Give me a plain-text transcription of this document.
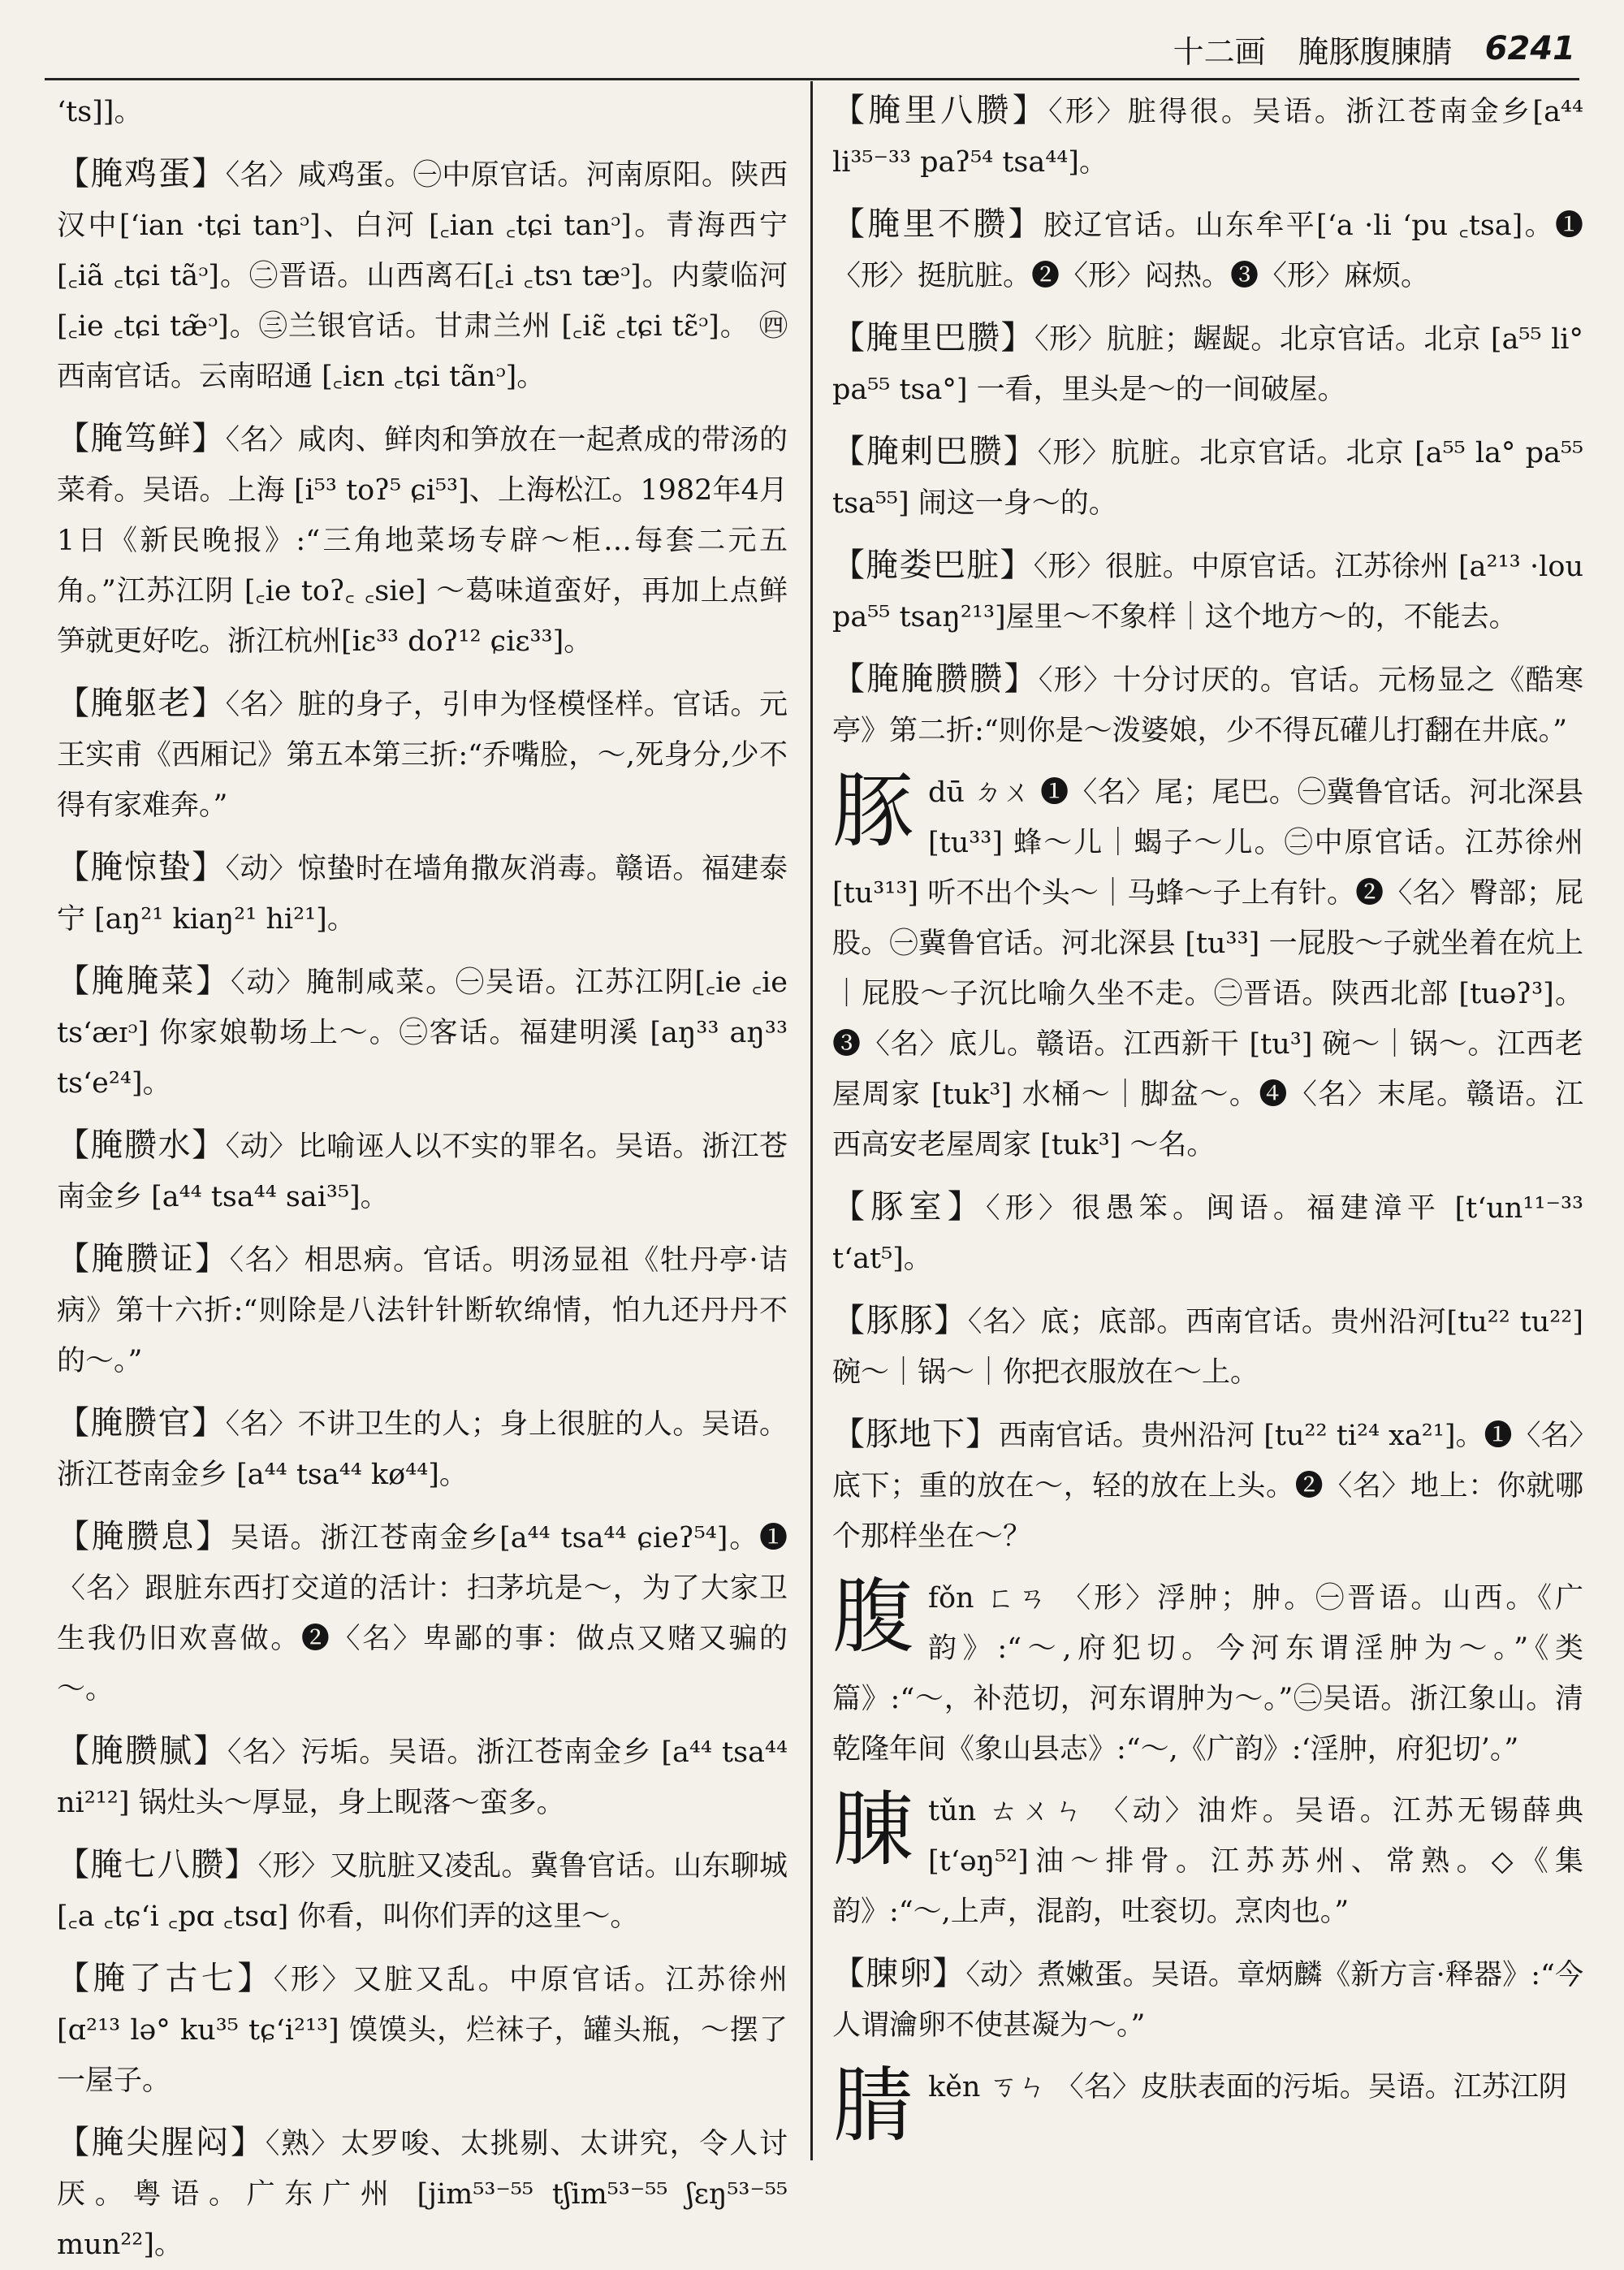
十二画 腌豚腹腖腈 6241
ʻts]]。
【腌鸡蛋】〈名〉咸鸡蛋。㊀中原官话。河南原阳。陕西汉中[ʻian ·tɕi tanᵓ]、白河 [꜀ian ꜀tɕi tanᵓ]。青海西宁 [꜀iã ꜀tɕi tãᵓ]。㊁晋语。山西离石[꜀i ꜀tsɿ tæᵓ]。内蒙临河 [꜀ie ꜀tɕi tæ̃ᵓ]。㊂兰银官话。甘肃兰州 [꜀iɛ̃ ꜀tɕi tɛ̃ᵓ]。 ㊃西南官话。云南昭通 [꜀iɛn ꜀tɕi tãnᵓ]。
【腌笃鲜】〈名〉咸肉、鲜肉和笋放在一起煮成的带汤的菜肴。吴语。上海 [i⁵³ toʔ⁵ ɕi⁵³]、上海松江。1982年4月1日《新民晚报》:“三角地菜场专辟～柜…每套二元五角。”江苏江阴 [꜀ie toʔ꜀ ꜀sie] ～葛味道蛮好，再加上点鲜笋就更好吃。浙江杭州[iɛ³³ doʔ¹² ɕiɛ³³]。
【腌躯老】〈名〉脏的身子，引申为怪模怪样。官话。元王实甫《西厢记》第五本第三折:“乔嘴脸，～,死身分,少不得有家难奔。”
【腌惊蛰】〈动〉惊蛰时在墙角撒灰消毒。赣语。福建泰宁 [aŋ²¹ kiaŋ²¹ hi²¹]。
【腌腌菜】〈动〉腌制咸菜。㊀吴语。江苏江阴[꜀ie ꜀ie tsʻæɪᵓ] 你家娘勒场上～。㊁客话。福建明溪 [aŋ³³ aŋ³³ tsʻe²⁴]。
【腌臜水】〈动〉比喻诬人以不实的罪名。吴语。浙江苍南金乡 [a⁴⁴ tsa⁴⁴ sai³⁵]。
【腌臜证】〈名〉相思病。官话。明汤显祖《牡丹亭·诘病》第十六折:“则除是八法针针断软绵情，怕九还丹丹不的～。”
【腌臜官】〈名〉不讲卫生的人；身上很脏的人。吴语。浙江苍南金乡 [a⁴⁴ tsa⁴⁴ kø⁴⁴]。
【腌臜息】吴语。浙江苍南金乡[a⁴⁴ tsa⁴⁴ ɕieʔ⁵⁴]。❶〈名〉跟脏东西打交道的活计：扫茅坑是～，为了大家卫生我仍旧欢喜做。❷〈名〉卑鄙的事：做点又赌又骗的～。
【腌臜腻】〈名〉污垢。吴语。浙江苍南金乡 [a⁴⁴ tsa⁴⁴ ni²¹²] 锅灶头～厚显，身上𪾢落～蛮多。
【腌七八臜】〈形〉又肮脏又凌乱。冀鲁官话。山东聊城 [꜀a ꜀tɕʻi ꜀pɑ ꜀tsɑ] 你看，叫你们弄的这里～。
【腌了古七】〈形〉又脏又乱。中原官话。江苏徐州 [ɑ²¹³ lə° ku³⁵ tɕʻi²¹³] 馍馍头，烂袜子，罐头瓶，～摆了一屋子。
【腌尖腥闷】〈熟〉太罗唆、太挑剔、太讲究，令人讨厌。粤语。广东广州 [jim⁵³⁻⁵⁵ tʃim⁵³⁻⁵⁵ ʃɛŋ⁵³⁻⁵⁵ mun²²]。
【腌里八臜】〈形〉脏得很。吴语。浙江苍南金乡[a⁴⁴ li³⁵⁻³³ paʔ⁵⁴ tsa⁴⁴]。
【腌里不臜】胶辽官话。山东牟平[ʻa ·li ʻpu ꜀tsa]。❶〈形〉挺肮脏。❷〈形〉闷热。❸〈形〉麻烦。
【腌里巴臜】〈形〉肮脏；龌龊。北京官话。北京 [a⁵⁵ li° pa⁵⁵ tsa°] 一看，里头是～的一间破屋。
【腌剌巴臜】〈形〉肮脏。北京官话。北京 [a⁵⁵ la° pa⁵⁵ tsa⁵⁵] 闹这一身～的。
【腌娄巴脏】〈形〉很脏。中原官话。江苏徐州 [a²¹³ ·lou pa⁵⁵ tsaŋ²¹³]屋里～不象样｜这个地方～的，不能去。
【腌腌臜臜】〈形〉十分讨厌的。官话。元杨显之《酷寒亭》第二折:“则你是～泼婆娘，少不得瓦礶儿打翻在井底。”
豚dū ㄉㄨ ❶〈名〉尾；尾巴。㊀冀鲁官话。河北深县 [tu³³] 蜂～儿｜蝎子～儿。㊁中原官话。江苏徐州 [tu³¹³] 听不出个头～｜马蜂～子上有针。❷〈名〉臀部；屁股。㊀冀鲁官话。河北深县 [tu³³] 一屁股～子就坐着在炕上｜屁股～子沉比喻久坐不走。㊁晋语。陕西北部 [tuəʔ³]。❸〈名〉底儿。赣语。江西新干 [tu³] 碗～｜锅～。江西老屋周家 [tuk³] 水桶～｜脚盆～。❹〈名〉末尾。赣语。江西高安老屋周家 [tuk³] ～名。
【豚室】〈形〉很愚笨。闽语。福建漳平 [tʻun¹¹⁻³³ tʻat⁵]。
【豚豚】〈名〉底；底部。西南官话。贵州沿河[tu²² tu²²] 碗～｜锅～｜你把衣服放在～上。
【豚地下】西南官话。贵州沿河 [tu²² ti²⁴ xa²¹]。❶〈名〉底下；重的放在～，轻的放在上头。❷〈名〉地上：你就哪个那样坐在～？
腹fǒn ㄈㄢ 〈形〉浮肿；肿。㊀晋语。山西。《广韵》:“～,府犯切。今河东谓淫肿为～。”《类篇》:“～，补范切，河东谓肿为～。”㊁吴语。浙江象山。清乾隆年间《象山县志》:“～,《广韵》:‘淫肿，府犯切’。”
腖tǔn ㄊㄨㄣ 〈动〉油炸。吴语。江苏无锡薛典 [tʻəŋ⁵²]油～排骨。江苏苏州、常熟。◇《集韵》:“～,上声，混韵，吐衮切。烹肉也。”
【腖卵】〈动〉煮嫩蛋。吴语。章炳麟《新方言·释器》:“今人谓瀹卵不使甚凝为～。”
腈kěn ㄎㄣ 〈名〉皮肤表面的污垢。吴语。江苏江阴
